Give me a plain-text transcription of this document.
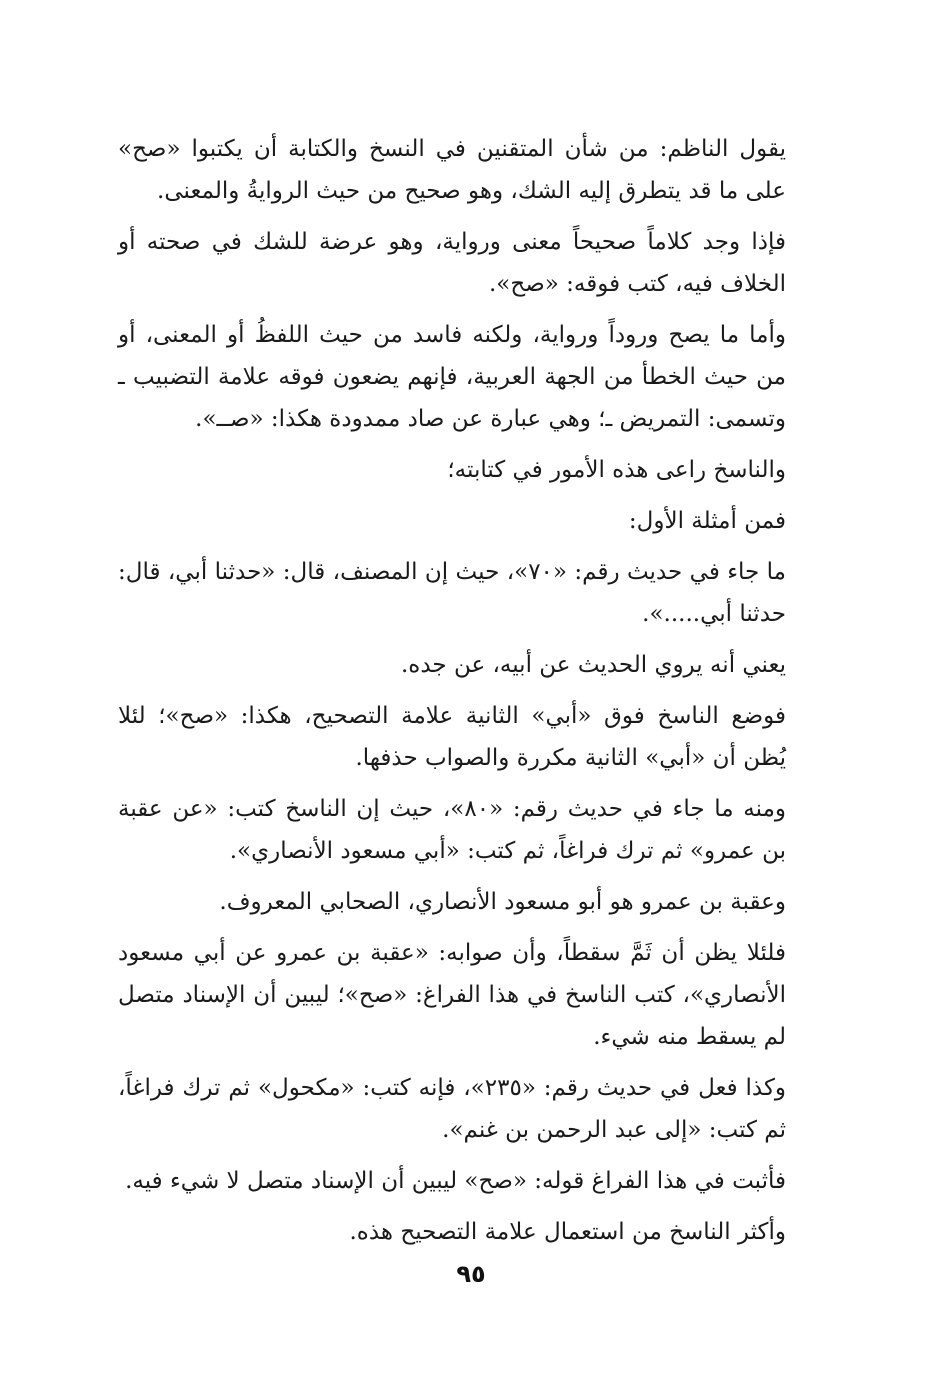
يقول الناظم: من شأن المتقنين في النسخ والكتابة أن يكتبوا «صح» على ما قد يتطرق إليه الشك، وهو صحيح من حيث الروايةُ والمعنى.

فإذا وجد كلاماً صحيحاً معنى ورواية، وهو عرضة للشك في صحته أو الخلاف فيه، كتب فوقه: «صح».

وأما ما يصح وروداً ورواية، ولكنه فاسد من حيث اللفظُ أو المعنى، أو من حيث الخطأ من الجهة العربية، فإنهم يضعون فوقه علامة التضبيب ـ وتسمى: التمريض ـ؛ وهي عبارة عن صاد ممدودة هكذا: «صــ».

والناسخ راعى هذه الأمور في كتابته؛

فمن أمثلة الأول:

ما جاء في حديث رقم: «٧٠»، حيث إن المصنف، قال: «حدثنا أبي، قال: حدثنا أبي.....».

يعني أنه يروي الحديث عن أبيه، عن جده.

فوضع الناسخ فوق «أبي» الثانية علامة التصحيح، هكذا: «صح»؛ لئلا يُظن أن «أبي» الثانية مكررة والصواب حذفها.

ومنه ما جاء في حديث رقم: «٨٠»، حيث إن الناسخ كتب: «عن عقبة بن عمرو» ثم ترك فراغاً، ثم كتب: «أبي مسعود الأنصاري».

وعقبة بن عمرو هو أبو مسعود الأنصاري، الصحابي المعروف.

فلئلا يظن أن ثَمَّ سقطاً، وأن صوابه: «عقبة بن عمرو عن أبي مسعود الأنصاري»، كتب الناسخ في هذا الفراغ: «صح»؛ ليبين أن الإسناد متصل لم يسقط منه شيء.

وكذا فعل في حديث رقم: «٢٣٥»، فإنه كتب: «مكحول» ثم ترك فراغاً، ثم كتب: «إلى عبد الرحمن بن غنم».

فأثبت في هذا الفراغ قوله: «صح» ليبين أن الإسناد متصل لا شيء فيه.

وأكثر الناسخ من استعمال علامة التصحيح هذه.

٩٥
